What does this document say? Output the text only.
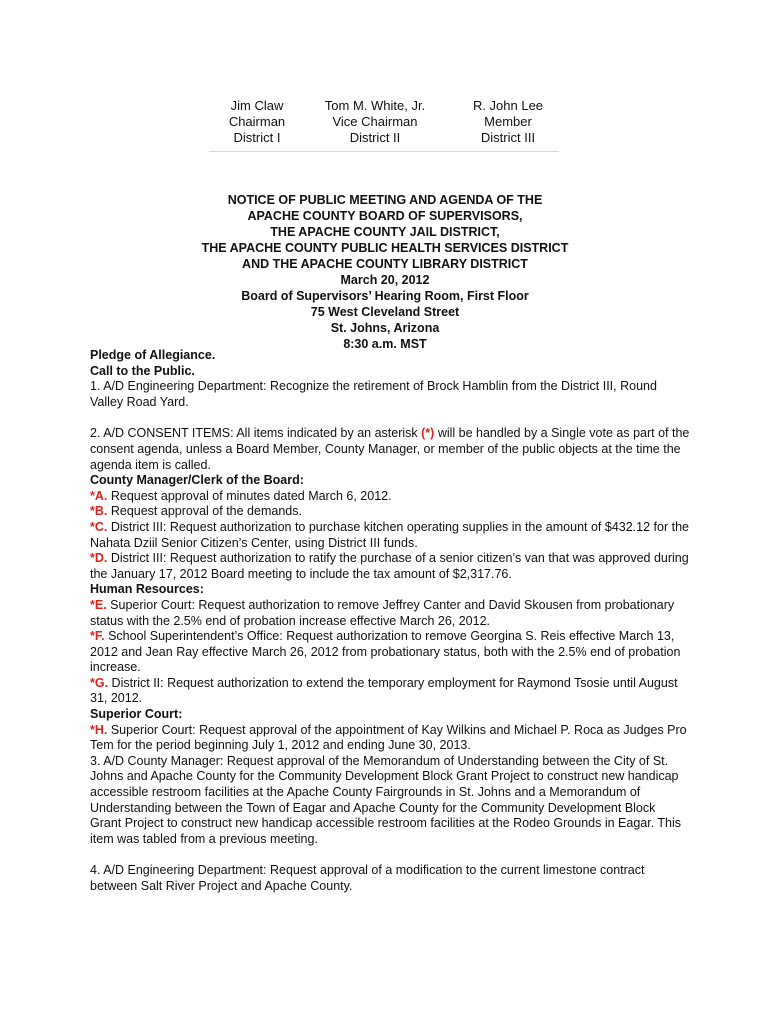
Jim Claw
Chairman
District I
Tom M. White, Jr.
Vice Chairman
District II
R. John Lee
Member
District III
NOTICE OF PUBLIC MEETING AND AGENDA OF THE
APACHE COUNTY BOARD OF SUPERVISORS,
THE APACHE COUNTY JAIL DISTRICT,
THE APACHE COUNTY PUBLIC HEALTH SERVICES DISTRICT
AND THE APACHE COUNTY LIBRARY DISTRICT
March 20, 2012
Board of Supervisors’ Hearing Room, First Floor
75 West Cleveland Street
St. Johns, Arizona
8:30 a.m. MST

Pledge of Allegiance.

Call to the Public.

1. A/D Engineering Department: Recognize the retirement of Brock Hamblin from the District III, Round Valley Road Yard.

2. A/D CONSENT ITEMS: All items indicated by an asterisk (*) will be handled by a Single vote as part of the consent agenda, unless a Board Member, County Manager, or member of the public objects at the time the agenda item is called.

County Manager/Clerk of the Board:

*A. Request approval of minutes dated March 6, 2012.

*B. Request approval of the demands.

*C. District III: Request authorization to purchase kitchen operating supplies in the amount of $432.12 for the Nahata Dziil Senior Citizen’s Center, using District III funds.

*D. District III: Request authorization to ratify the purchase of a senior citizen’s van that was approved during the January 17, 2012 Board meeting to include the tax amount of $2,317.76.

Human Resources:

*E. Superior Court: Request authorization to remove Jeffrey Canter and David Skousen from probationary status with the 2.5% end of probation increase effective March 26, 2012.

*F. School Superintendent’s Office: Request authorization to remove Georgina S. Reis effective March 13, 2012 and Jean Ray effective March 26, 2012 from probationary status, both with the 2.5% end of probation increase.

*G. District II: Request authorization to extend the temporary employment for Raymond Tsosie until August 31, 2012.

Superior Court:

*H. Superior Court: Request approval of the appointment of Kay Wilkins and Michael P. Roca as Judges Pro Tem for the period beginning July 1, 2012 and ending June 30, 2013.

3. A/D County Manager: Request approval of the Memorandum of Understanding between the City of St. Johns and Apache County for the Community Development Block Grant Project to construct new handicap accessible restroom facilities at the Apache County Fairgrounds in St. Johns and a Memorandum of Understanding between the Town of Eagar and Apache County for the Community Development Block Grant Project to construct new handicap accessible restroom facilities at the Rodeo Grounds in Eagar. This item was tabled from a previous meeting.

4. A/D Engineering Department: Request approval of a modification to the current limestone contract between Salt River Project and Apache County.
